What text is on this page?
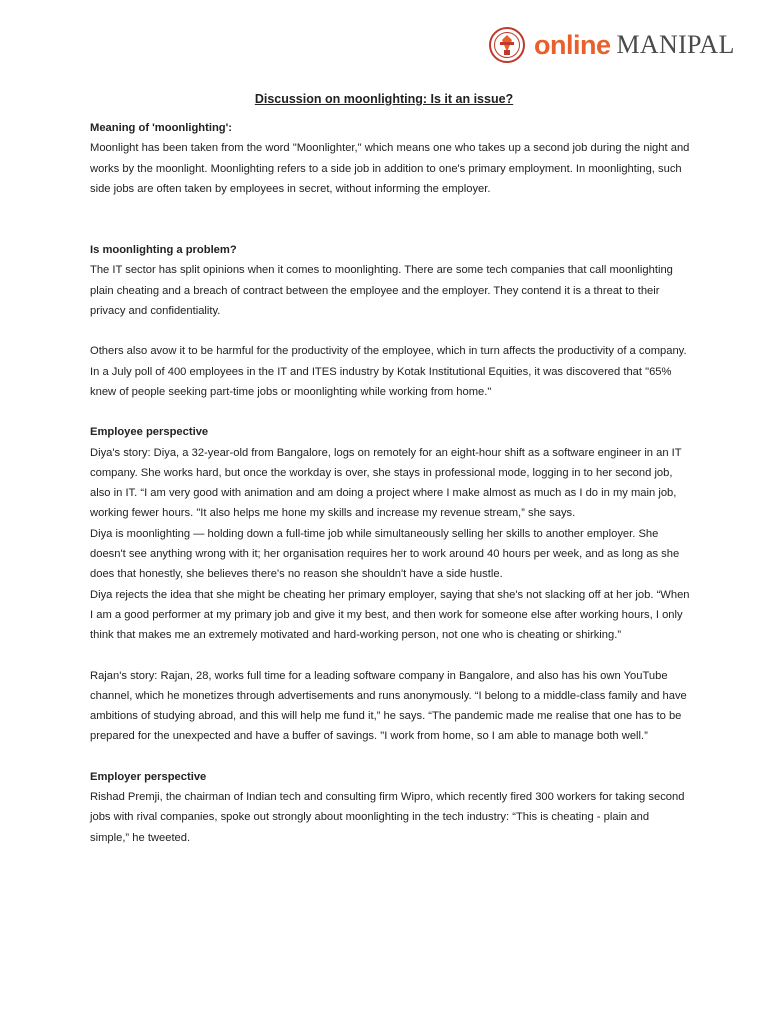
online MANIPAL
Discussion on moonlighting: Is it an issue?
Meaning of 'moonlighting':

Moonlight has been taken from the word "Moonlighter," which means one who takes up a second job during the night and works by the moonlight. Moonlighting refers to a side job in addition to one's primary employment. In moonlighting, such side jobs are often taken by employees in secret, without informing the employer.

Is moonlighting a problem?

The IT sector has split opinions when it comes to moonlighting. There are some tech companies that call moonlighting plain cheating and a breach of contract between the employee and the employer. They contend it is a threat to their privacy and confidentiality.

Others also avow it to be harmful for the productivity of the employee, which in turn affects the productivity of a company. In a July poll of 400 employees in the IT and ITES industry by Kotak Institutional Equities, it was discovered that "65% knew of people seeking part-time jobs or moonlighting while working from home."

Employee perspective

Diya's story: Diya, a 32-year-old from Bangalore, logs on remotely for an eight-hour shift as a software engineer in an IT company. She works hard, but once the workday is over, she stays in professional mode, logging in to her second job, also in IT. “I am very good with animation and am doing a project where I make almost as much as I do in my main job, working fewer hours. "It also helps me hone my skills and increase my revenue stream,” she says.

Diya is moonlighting — holding down a full-time job while simultaneously selling her skills to another employer. She doesn't see anything wrong with it; her organisation requires her to work around 40 hours per week, and as long as she does that honestly, she believes there's no reason she shouldn't have a side hustle.

Diya rejects the idea that she might be cheating her primary employer, saying that she's not slacking off at her job. “When I am a good performer at my primary job and give it my best, and then work for someone else after working hours, I only think that makes me an extremely motivated and hard-working person, not one who is cheating or shirking.”

Rajan's story: Rajan, 28, works full time for a leading software company in Bangalore, and also has his own YouTube channel, which he monetizes through advertisements and runs anonymously. “I belong to a middle-class family and have ambitions of studying abroad, and this will help me fund it,” he says. “The pandemic made me realise that one has to be prepared for the unexpected and have a buffer of savings. "I work from home, so I am able to manage both well.”

Employer perspective

Rishad Premji, the chairman of Indian tech and consulting firm Wipro, which recently fired 300 workers for taking second jobs with rival companies, spoke out strongly about moonlighting in the tech industry: “This is cheating - plain and simple,” he tweeted.
